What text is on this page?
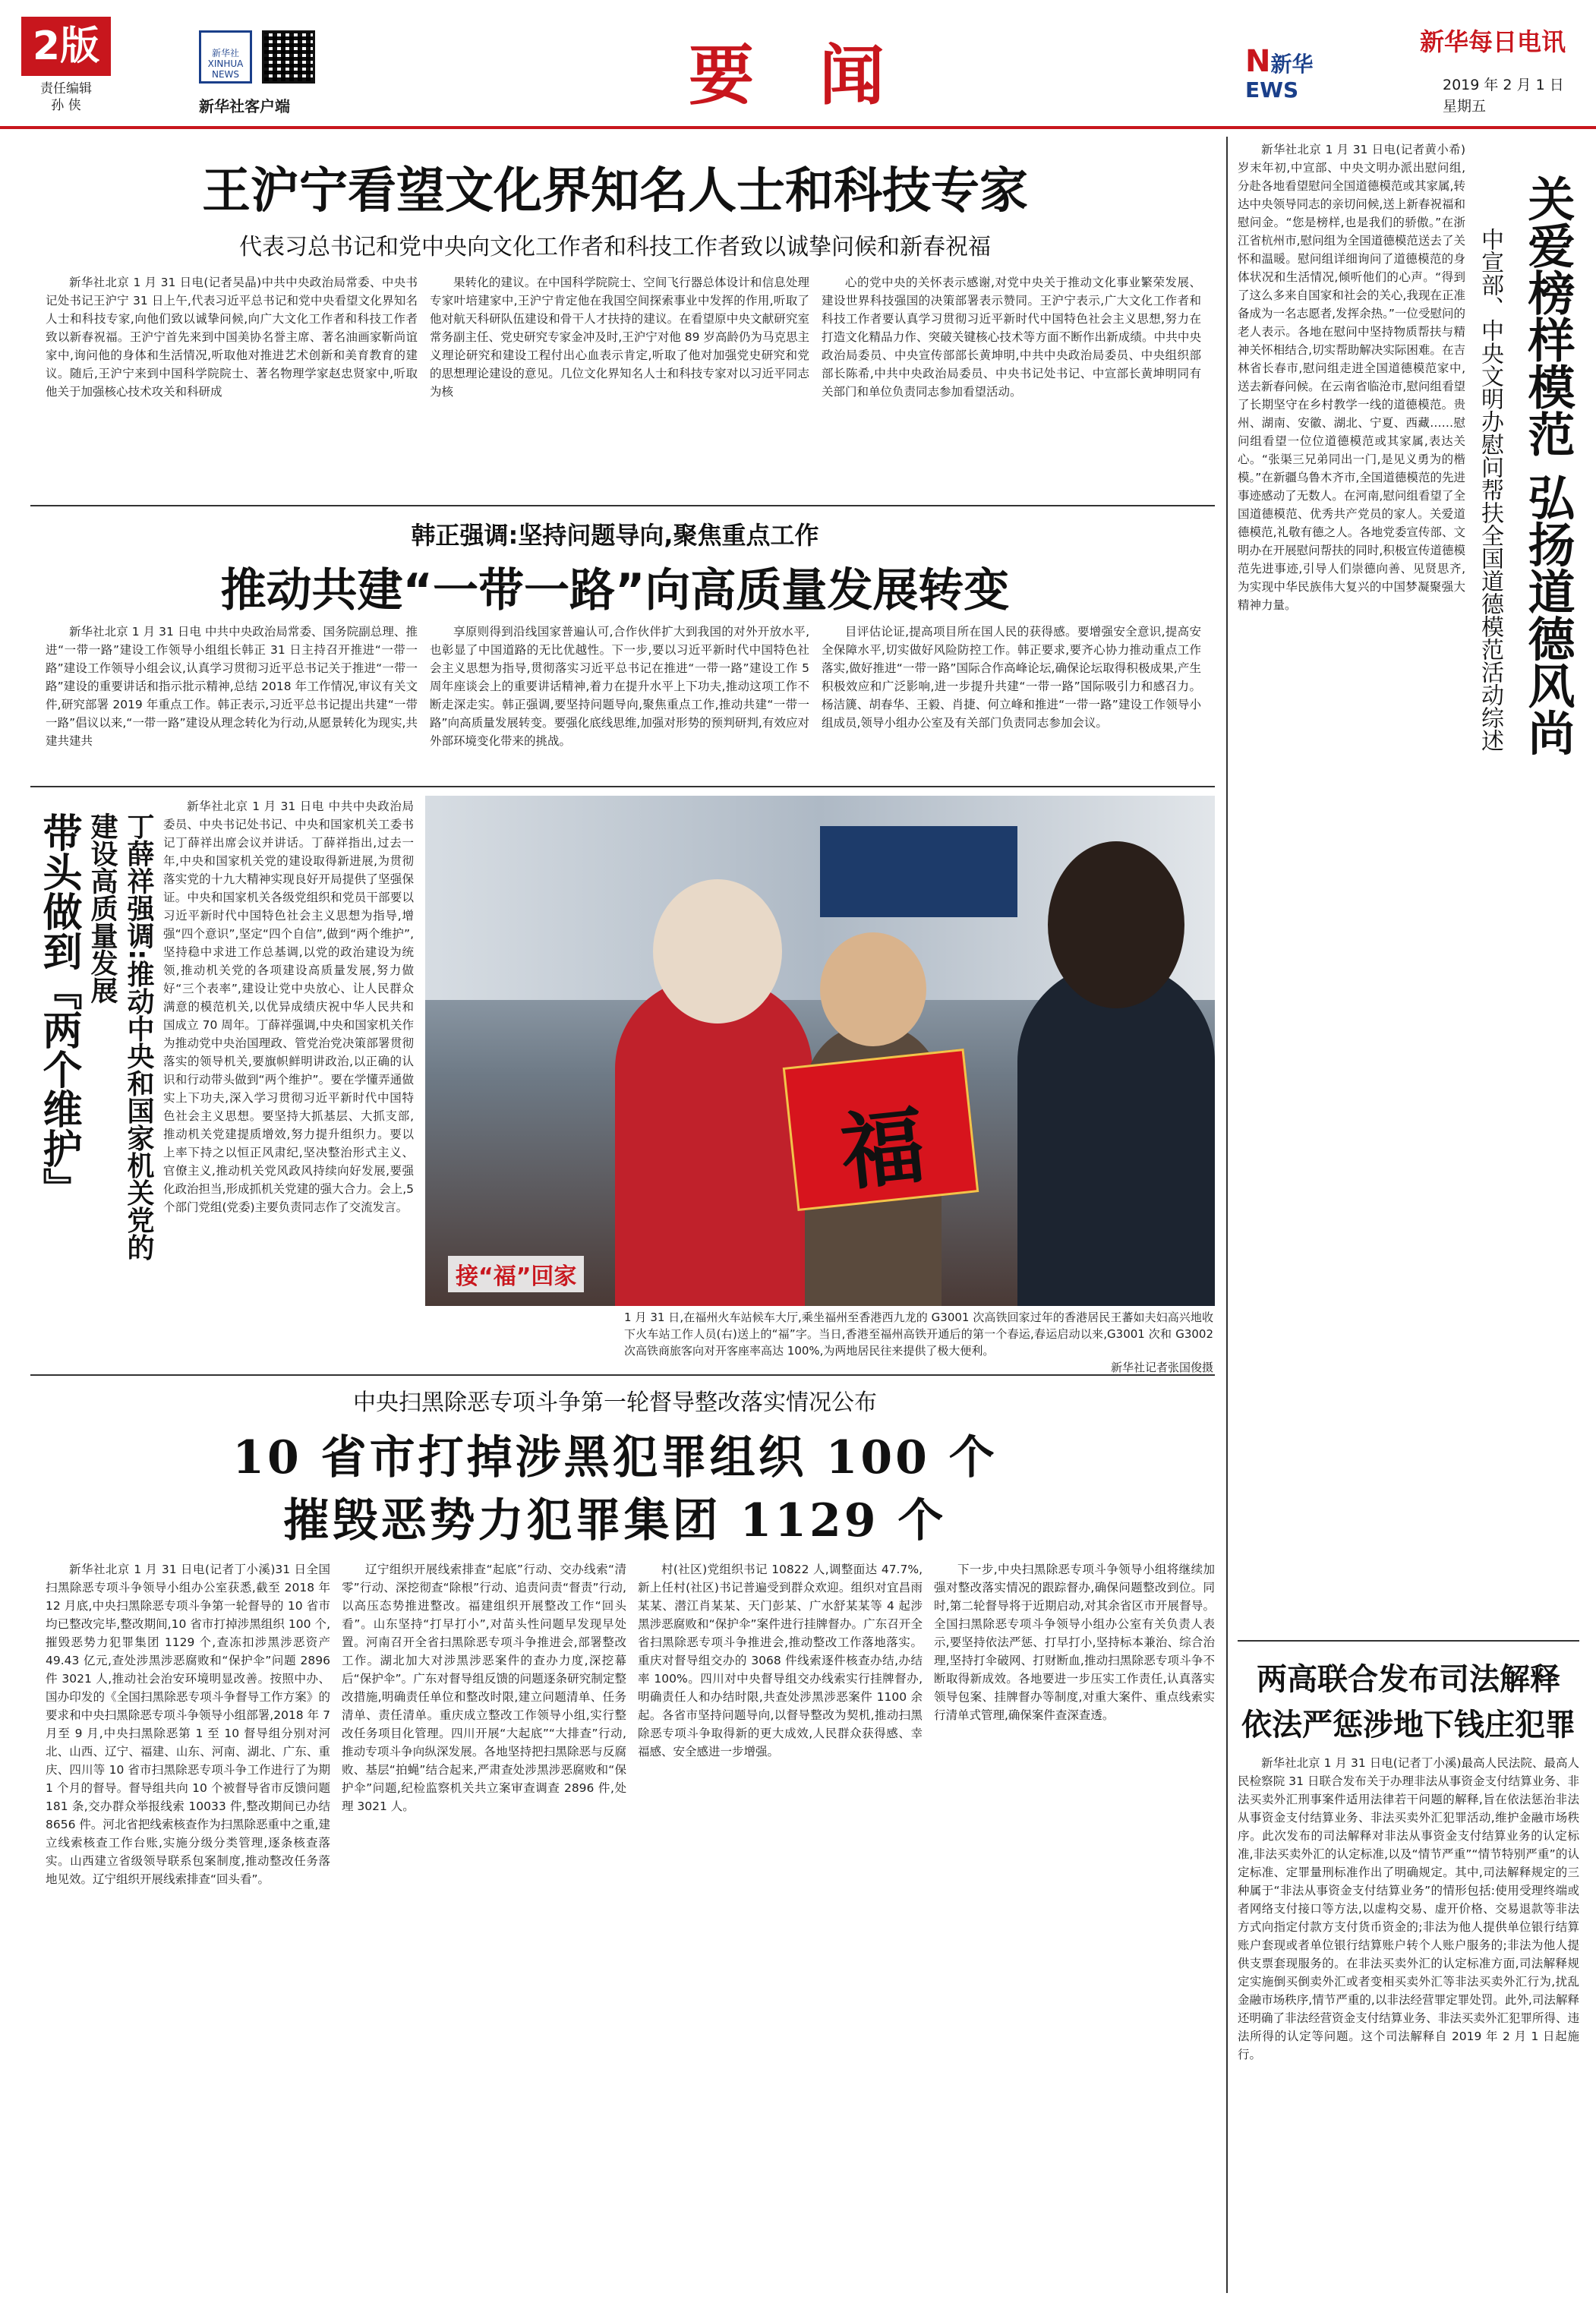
2版
责任编辑
孙 侠
新华社 XINHUA NEWS
新华社客户端	要 闻	N新华EWS
新华每日电讯
2019 年 2 月 1 日
星期五
王沪宁看望文化界知名人士和科技专家
代表习总书记和党中央向文化工作者和科技工作者致以诚挚问候和新春祝福

新华社北京 1 月 31 日电(记者吴晶)中共中央政治局常委、中央书记处书记王沪宁 31 日上午,代表习近平总书记和党中央看望文化界知名人士和科技专家,向他们致以诚挚问候,向广大文化工作者和科技工作者致以新春祝福。王沪宁首先来到中国美协名誉主席、著名油画家靳尚谊家中,询问他的身体和生活情况,听取他对推进艺术创新和美育教育的建议。随后,王沪宁来到中国科学院院士、著名物理学家赵忠贤家中,听取他关于加强核心技术攻关和科研成

果转化的建议。在中国科学院院士、空间飞行器总体设计和信息处理专家叶培建家中,王沪宁肯定他在我国空间探索事业中发挥的作用,听取了他对航天科研队伍建设和骨干人才扶持的建议。在看望原中央文献研究室常务副主任、党史研究专家金冲及时,王沪宁对他 89 岁高龄仍为马克思主义理论研究和建设工程付出心血表示肯定,听取了他对加强党史研究和党的思想理论建设的意见。几位文化界知名人士和科技专家对以习近平同志为核

心的党中央的关怀表示感谢,对党中央关于推动文化事业繁荣发展、建设世界科技强国的决策部署表示赞同。王沪宁表示,广大文化工作者和科技工作者要认真学习贯彻习近平新时代中国特色社会主义思想,努力在打造文化精品力作、突破关键核心技术等方面不断作出新成绩。中共中央政治局委员、中央宣传部部长黄坤明,中共中央政治局委员、中央组织部部长陈希,中共中央政治局委员、中央书记处书记、中宣部长黄坤明同有关部门和单位负责同志参加看望活动。

韩正强调:坚持问题导向,聚焦重点工作
推动共建“一带一路”向高质量发展转变

新华社北京 1 月 31 日电 中共中央政治局常委、国务院副总理、推进“一带一路”建设工作领导小组组长韩正 31 日主持召开推进“一带一路”建设工作领导小组会议,认真学习贯彻习近平总书记关于推进“一带一路”建设的重要讲话和指示批示精神,总结 2018 年工作情况,审议有关文件,研究部署 2019 年重点工作。韩正表示,习近平总书记提出共建“一带一路”倡议以来,“一带一路”建设从理念转化为行动,从愿景转化为现实,共建共建共

享原则得到沿线国家普遍认可,合作伙伴扩大到我国的对外开放水平,也彰显了中国道路的无比优越性。下一步,要以习近平新时代中国特色社会主义思想为指导,贯彻落实习近平总书记在推进“一带一路”建设工作 5 周年座谈会上的重要讲话精神,着力在提升水平上下功夫,推动这项工作不断走深走实。韩正强调,要坚持问题导向,聚焦重点工作,推动共建“一带一路”向高质量发展转变。要强化底线思维,加强对形势的预判研判,有效应对外部环境变化带来的挑战。

目评估论证,提高项目所在国人民的获得感。要增强安全意识,提高安全保障水平,切实做好风险防控工作。韩正要求,要齐心协力推动重点工作落实,做好推进“一带一路”国际合作高峰论坛,确保论坛取得积极成果,产生积极效应和广泛影响,进一步提升共建“一带一路”国际吸引力和感召力。杨洁篪、胡春华、王毅、肖捷、何立峰和推进“一带一路”建设工作领导小组成员,领导小组办公室及有关部门负责同志参加会议。

带头做到『两个维护』	丁薛祥强调:推动中央和国家机关党的建设高质量发展

新华社北京 1 月 31 日电 中共中央政治局委员、中央书记处书记、中央和国家机关工委书记丁薛祥出席会议并讲话。丁薛祥指出,过去一年,中央和国家机关党的建设取得新进展,为贯彻落实党的十九大精神实现良好开局提供了坚强保证。中央和国家机关各级党组织和党员干部要以习近平新时代中国特色社会主义思想为指导,增强“四个意识”,坚定“四个自信”,做到“两个维护”,坚持稳中求进工作总基调,以党的政治建设为统领,推动机关党的各项建设高质量发展,努力做好“三个表率”,建设让党中央放心、让人民群众满意的模范机关,以优异成绩庆祝中华人民共和国成立 70 周年。丁薛祥强调,中央和国家机关作为推动党中央治国理政、管党治党决策部署贯彻落实的领导机关,要旗帜鲜明讲政治,以正确的认识和行动带头做到“两个维护”。要在学懂弄通做实上下功夫,深入学习贯彻习近平新时代中国特色社会主义思想。要坚持大抓基层、大抓支部,推动机关党建提质增效,努力提升组织力。要以上率下持之以恒正风肃纪,坚决整治形式主义、官僚主义,推动机关党风政风持续向好发展,要强化政治担当,形成抓机关党建的强大合力。会上,5 个部门党组(党委)主要负责同志作了交流发言。

福
接“福”回家
1 月 31 日,在福州火车站候车大厅,乘坐福州至香港西九龙的 G3001 次高铁回家过年的香港居民王蕃如夫妇高兴地收下火车站工作人员(右)送上的“福”字。当日,香港至福州高铁开通后的第一个春运,春运启动以来,G3001 次和 G3002 次高铁商旅客向对开客座率高达 100%,为两地居民往来提供了极大便利。
新华社记者张国俊摄
中央扫黑除恶专项斗争第一轮督导整改落实情况公布
10 省市打掉涉黑犯罪组织 100 个
摧毁恶势力犯罪集团 1129 个

新华社北京 1 月 31 日电(记者丁小溪)31 日全国扫黑除恶专项斗争领导小组办公室获悉,截至 2018 年 12 月底,中央扫黑除恶专项斗争第一轮督导的 10 省市均已整改完毕,整改期间,10 省市打掉涉黑组织 100 个,摧毁恶势力犯罪集团 1129 个,查冻扣涉黑涉恶资产 49.43 亿元,查处涉黑涉恶腐败和“保护伞”问题 2896 件 3021 人,推动社会治安环境明显改善。按照中办、国办印发的《全国扫黑除恶专项斗争督导工作方案》的要求和中央扫黑除恶专项斗争领导小组部署,2018 年 7 月至 9 月,中央扫黑除恶第 1 至 10 督导组分别对河北、山西、辽宁、福建、山东、河南、湖北、广东、重庆、四川等 10 省市扫黑除恶专项斗争工作进行了为期 1 个月的督导。督导组共向 10 个被督导省市反馈问题 181 条,交办群众举报线索 10033 件,整改期间已办结 8656 件。河北省把线索核查作为扫黑除恶重中之重,建立线索核查工作台账,实施分级分类管理,逐条核查落实。山西建立省级领导联系包案制度,推动整改任务落地见效。辽宁组织开展线索排查“回头看”。

辽宁组织开展线索排查“起底”行动、交办线索“清零”行动、深挖彻查“除根”行动、追责问责“督责”行动,以高压态势推进整改。福建组织开展整改工作“回头看”。山东坚持“打早打小”,对苗头性问题早发现早处置。河南召开全省扫黑除恶专项斗争推进会,部署整改工作。湖北加大对涉黑涉恶案件的查办力度,深挖幕后“保护伞”。广东对督导组反馈的问题逐条研究制定整改措施,明确责任单位和整改时限,建立问题清单、任务清单、责任清单。重庆成立整改工作领导小组,实行整改任务项目化管理。四川开展“大起底”“大排查”行动,推动专项斗争向纵深发展。各地坚持把扫黑除恶与反腐败、基层“拍蝇”结合起来,严肃查处涉黑涉恶腐败和“保护伞”问题,纪检监察机关共立案审查调查 2896 件,处理 3021 人。

村(社区)党组织书记 10822 人,调整面达 47.7%,新上任村(社区)书记普遍受到群众欢迎。组织对宜昌雨某某、潜江肖某某、天门彭某、广水舒某某等 4 起涉黑涉恶腐败和“保护伞”案件进行挂牌督办。广东召开全省扫黑除恶专项斗争推进会,推动整改工作落地落实。重庆对督导组交办的 3068 件线索逐件核查办结,办结率 100%。四川对中央督导组交办线索实行挂牌督办,明确责任人和办结时限,共查处涉黑涉恶案件 1100 余起。各省市坚持问题导向,以督导整改为契机,推动扫黑除恶专项斗争取得新的更大成效,人民群众获得感、幸福感、安全感进一步增强。

下一步,中央扫黑除恶专项斗争领导小组将继续加强对整改落实情况的跟踪督办,确保问题整改到位。同时,第二轮督导将于近期启动,对其余省区市开展督导。全国扫黑除恶专项斗争领导小组办公室有关负责人表示,要坚持依法严惩、打早打小,坚持标本兼治、综合治理,坚持打伞破网、打财断血,推动扫黑除恶专项斗争不断取得新成效。各地要进一步压实工作责任,认真落实领导包案、挂牌督办等制度,对重大案件、重点线索实行清单式管理,确保案件查深查透。

新华社北京 1 月 31 日电(记者黄小希)岁末年初,中宣部、中央文明办派出慰问组,分赴各地看望慰问全国道德模范或其家属,转达中央领导同志的亲切问候,送上新春祝福和慰问金。“您是榜样,也是我们的骄傲。”在浙江省杭州市,慰问组为全国道德模范送去了关怀和温暖。慰问组详细询问了道德模范的身体状况和生活情况,倾听他们的心声。“得到了这么多来自国家和社会的关心,我现在正准备成为一名志愿者,发挥余热。”一位受慰问的老人表示。各地在慰问中坚持物质帮扶与精神关怀相结合,切实帮助解决实际困难。在吉林省长春市,慰问组走进全国道德模范家中,送去新春问候。在云南省临沧市,慰问组看望了长期坚守在乡村教学一线的道德模范。贵州、湖南、安徽、湖北、宁夏、西藏……慰问组看望一位位道德模范或其家属,表达关心。“张渠三兄弟同出一门,是见义勇为的楷模。”在新疆乌鲁木齐市,全国道德模范的先进事迹感动了无数人。在河南,慰问组看望了全国道德模范、优秀共产党员的家人。关爱道德模范,礼敬有德之人。各地党委宣传部、文明办在开展慰问帮扶的同时,积极宣传道德模范先进事迹,引导人们崇德向善、见贤思齐,为实现中华民族伟大复兴的中国梦凝聚强大精神力量。	关爱榜样模范 弘扬道德风尚
中宣部、中央文明办慰问帮扶全国道德模范活动综述
两高联合发布司法解释
依法严惩涉地下钱庄犯罪

新华社北京 1 月 31 日电(记者丁小溪)最高人民法院、最高人民检察院 31 日联合发布关于办理非法从事资金支付结算业务、非法买卖外汇刑事案件适用法律若干问题的解释,旨在依法惩治非法从事资金支付结算业务、非法买卖外汇犯罪活动,维护金融市场秩序。此次发布的司法解释对非法从事资金支付结算业务的认定标准,非法买卖外汇的认定标准,以及“情节严重”“情节特别严重”的认定标准、定罪量刑标准作出了明确规定。其中,司法解释规定的三种属于“非法从事资金支付结算业务”的情形包括:使用受理终端或者网络支付接口等方法,以虚构交易、虚开价格、交易退款等非法方式向指定付款方支付货币资金的;非法为他人提供单位银行结算账户套现或者单位银行结算账户转个人账户服务的;非法为他人提供支票套现服务的。在非法买卖外汇的认定标准方面,司法解释规定实施倒买倒卖外汇或者变相买卖外汇等非法买卖外汇行为,扰乱金融市场秩序,情节严重的,以非法经营罪定罪处罚。此外,司法解释还明确了非法经营资金支付结算业务、非法买卖外汇犯罪所得、违法所得的认定等问题。这个司法解释自 2019 年 2 月 1 日起施行。
